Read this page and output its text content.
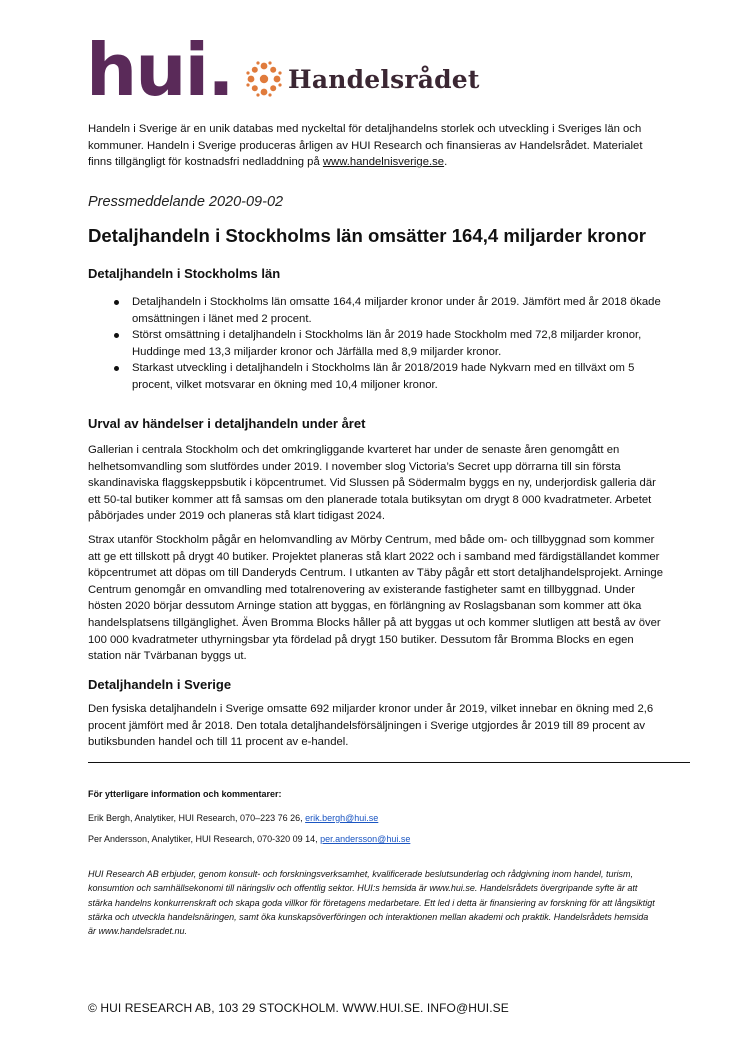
hui. Handelsrådet
Handeln i Sverige är en unik databas med nyckeltal för detaljhandelns storlek och utveckling i Sveriges län och kommuner. Handeln i Sverige produceras årligen av HUI Research och finansieras av Handelsrådet. Materialet finns tillgängligt för kostnadsfri nedladdning på www.handelnisverige.se.
Pressmeddelande 2020-09-02
Detaljhandeln i Stockholms län omsätter 164,4 miljarder kronor
Detaljhandeln i Stockholms län
Detaljhandeln i Stockholms län omsatte 164,4 miljarder kronor under år 2019. Jämfört med år 2018 ökade omsättningen i länet med 2 procent.
Störst omsättning i detaljhandeln i Stockholms län år 2019 hade Stockholm med 72,8 miljarder kronor, Huddinge med 13,3 miljarder kronor och Järfälla med 8,9 miljarder kronor.
Starkast utveckling i detaljhandeln i Stockholms län år 2018/2019 hade Nykvarn med en tillväxt om 5 procent, vilket motsvarar en ökning med 10,4 miljoner kronor.
Urval av händelser i detaljhandeln under året
Gallerian i centrala Stockholm och det omkringliggande kvarteret har under de senaste åren genomgått en helhetsomvandling som slutfördes under 2019. I november slog Victoria’s Secret upp dörrarna till sin första skandinaviska flaggskeppsbutik i köpcentrumet. Vid Slussen på Södermalm byggs en ny, underjordisk galleria där ett 50-tal butiker kommer att få samsas om den planerade totala butiksytan om drygt 8 000 kvadratmeter. Arbetet påbörjades under 2019 och planeras stå klart tidigast 2024.
Strax utanför Stockholm pågår en helomvandling av Mörby Centrum, med både om- och tillbyggnad som kommer att ge ett tillskott på drygt 40 butiker. Projektet planeras stå klart 2022 och i samband med färdigställandet kommer köpcentrumet att döpas om till Danderyds Centrum. I utkanten av Täby pågår ett stort detaljhandelsprojekt. Arninge Centrum genomgår en omvandling med totalrenovering av existerande fastigheter samt en tillbyggnad. Under hösten 2020 börjar dessutom Arninge station att byggas, en förlängning av Roslagsbanan som kommer att öka handelsplatsens tillgänglighet. Även Bromma Blocks håller på att byggas ut och kommer slutligen att bestå av över 100 000 kvadratmeter uthyrningsbar yta fördelad på drygt 150 butiker. Dessutom får Bromma Blocks en egen station när Tvärbanan byggs ut.
Detaljhandeln i Sverige
Den fysiska detaljhandeln i Sverige omsatte 692 miljarder kronor under år 2019, vilket innebar en ökning med 2,6 procent jämfört med år 2018. Den totala detaljhandelsförsäljningen i Sverige utgjordes år 2019 till 89 procent av butiksbunden handel och till 11 procent av e-handel.
För ytterligare information och kommentarer:
Erik Bergh, Analytiker, HUI Research, 070–223 76 26, erik.bergh@hui.se
Per Andersson, Analytiker, HUI Research, 070-320 09 14, per.andersson@hui.se
HUI Research AB erbjuder, genom konsult- och forskningsverksamhet, kvalificerade beslutsunderlag och rådgivning inom handel, turism, konsumtion och samhällsekonomi till näringsliv och offentlig sektor. HUI:s hemsida är www.hui.se. Handelsrådets övergripande syfte är att stärka handelns konkurrenskraft och skapa goda villkor för företagens medarbetare. Ett led i detta är finansiering av forskning för att långsiktigt stärka och utveckla handelsnäringen, samt öka kunskapsöverföringen och interaktionen mellan akademi och praktik. Handelsrådets hemsida är www.handelsradet.nu.
© HUI RESEARCH AB, 103 29 STOCKHOLM. WWW.HUI.SE. INFO@HUI.SE
